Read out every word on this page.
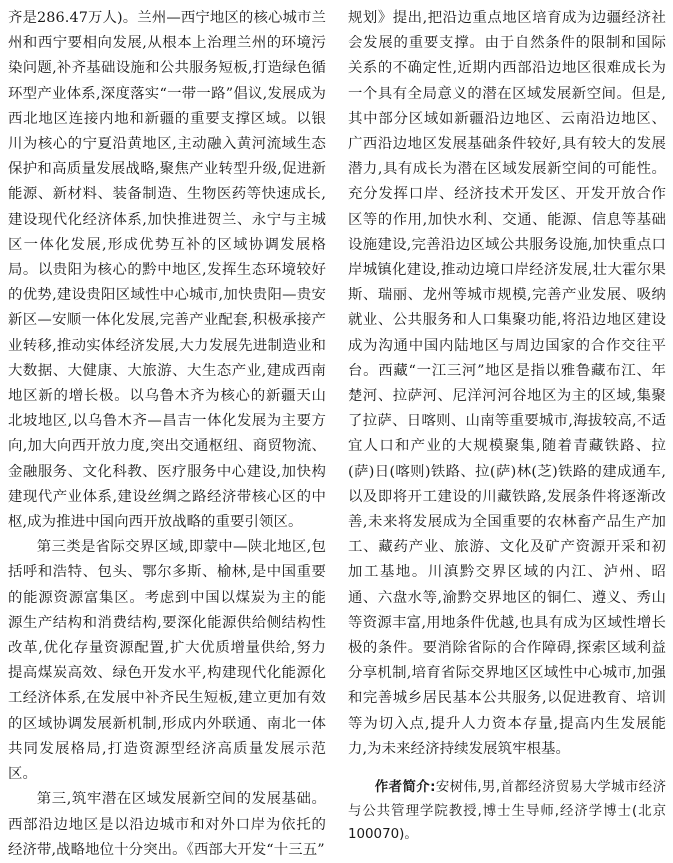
齐是286.47万人)。兰州—西宁地区的核心城市兰州和西宁要相向发展,从根本上治理兰州的环境污染问题,补齐基础设施和公共服务短板,打造绿色循环型产业体系,深度落实“一带一路”倡议,发展成为西北地区连接内地和新疆的重要支撑区域。以银川为核心的宁夏沿黄地区,主动融入黄河流域生态保护和高质量发展战略,聚焦产业转型升级,促进新能源、新材料、装备制造、生物医药等快速成长,建设现代化经济体系,加快推进贺兰、永宁与主城区一体化发展,形成优势互补的区域协调发展格局。以贵阳为核心的黔中地区,发挥生态环境较好的优势,建设贵阳区域性中心城市,加快贵阳—贵安新区—安顺一体化发展,完善产业配套,积极承接产业转移,推动实体经济发展,大力发展先进制造业和大数据、大健康、大旅游、大生态产业,建成西南地区新的增长极。以乌鲁木齐为核心的新疆天山北坡地区,以乌鲁木齐—昌吉一体化发展为主要方向,加大向西开放力度,突出交通枢纽、商贸物流、金融服务、文化科教、医疗服务中心建设,加快构建现代产业体系,建设丝绸之路经济带核心区的中枢,成为推进中国向西开放战略的重要引领区。

第三类是省际交界区域,即蒙中—陕北地区,包括呼和浩特、包头、鄂尔多斯、榆林,是中国重要的能源资源富集区。考虑到中国以煤炭为主的能源生产结构和消费结构,要深化能源供给侧结构性改革,优化存量资源配置,扩大优质增量供给,努力提高煤炭高效、绿色开发水平,构建现代化能源化工经济体系,在发展中补齐民生短板,建立更加有效的区域协调发展新机制,形成内外联通、南北一体共同发展格局,打造资源型经济高质量发展示范区。

第三,筑牢潜在区域发展新空间的发展基础。西部沿边地区是以沿边城市和对外口岸为依托的经济带,战略地位十分突出。《西部大开发“十三五”

规划》提出,把沿边重点地区培育成为边疆经济社会发展的重要支撑。由于自然条件的限制和国际关系的不确定性,近期内西部沿边地区很难成长为一个具有全局意义的潜在区域发展新空间。但是,其中部分区域如新疆沿边地区、云南沿边地区、广西沿边地区发展基础条件较好,具有较大的发展潜力,具有成长为潜在区域发展新空间的可能性。充分发挥口岸、经济技术开发区、开发开放合作区等的作用,加快水利、交通、能源、信息等基础设施建设,完善沿边区域公共服务设施,加快重点口岸城镇化建设,推动边境口岸经济发展,壮大霍尔果斯、瑞丽、龙州等城市规模,完善产业发展、吸纳就业、公共服务和人口集聚功能,将沿边地区建设成为沟通中国内陆地区与周边国家的合作交往平台。西藏“一江三河”地区是指以雅鲁藏布江、年楚河、拉萨河、尼洋河河谷地区为主的区域,集聚了拉萨、日喀则、山南等重要城市,海拔较高,不适宜人口和产业的大规模聚集,随着青藏铁路、拉(萨)日(喀则)铁路、拉(萨)林(芝)铁路的建成通车,以及即将开工建设的川藏铁路,发展条件将逐渐改善,未来将发展成为全国重要的农林畜产品生产加工、藏药产业、旅游、文化及矿产资源开采和初加工基地。川滇黔交界区域的内江、泸州、昭通、六盘水等,渝黔交界地区的铜仁、遵义、秀山等资源丰富,用地条件优越,也具有成为区域性增长极的条件。要消除省际的合作障碍,探索区域利益分享机制,培育省际交界地区区域性中心城市,加强和完善城乡居民基本公共服务,以促进教育、培训等为切入点,提升人力资本存量,提高内生发展能力,为未来经济持续发展筑牢根基。

作者简介:安树伟,男,首都经济贸易大学城市经济与公共管理学院教授,博士生导师,经济学博士(北京 100070)。
